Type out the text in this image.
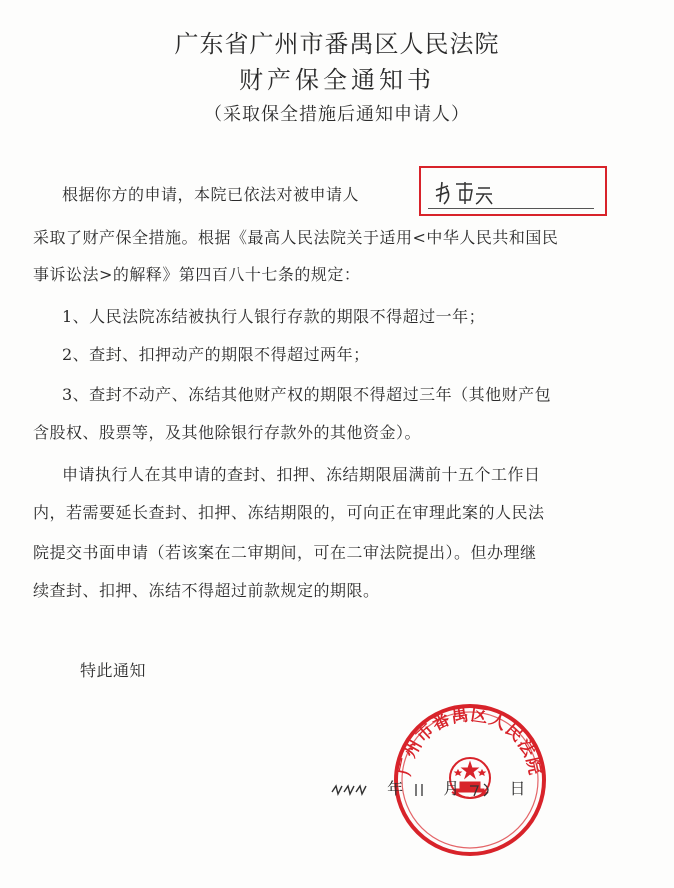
广东省广州市番禺区人民法院
财产保全通知书
（采取保全措施后通知申请人）
根据你方的申请，本院已依法对被申请人
采取了财产保全措施。根据《最高人民法院关于适用<中华人民共和国民
事诉讼法>的解释》第四百八十七条的规定：
1、人民法院冻结被执行人银行存款的期限不得超过一年；
2、查封、扣押动产的期限不得超过两年；
3、查封不动产、冻结其他财产权的期限不得超过三年（其他财产包
含股权、股票等，及其他除银行存款外的其他资金）。
申请执行人在其申请的查封、扣押、冻结期限届满前十五个工作日
内，若需要延长查封、扣押、冻结期限的，可向正在审理此案的人民法
院提交书面申请（若该案在二审期间，可在二审法院提出）。但办理继
续查封、扣押、冻结不得超过前款规定的期限。
特此通知
广州市番禺区人民法院
年	月	日
